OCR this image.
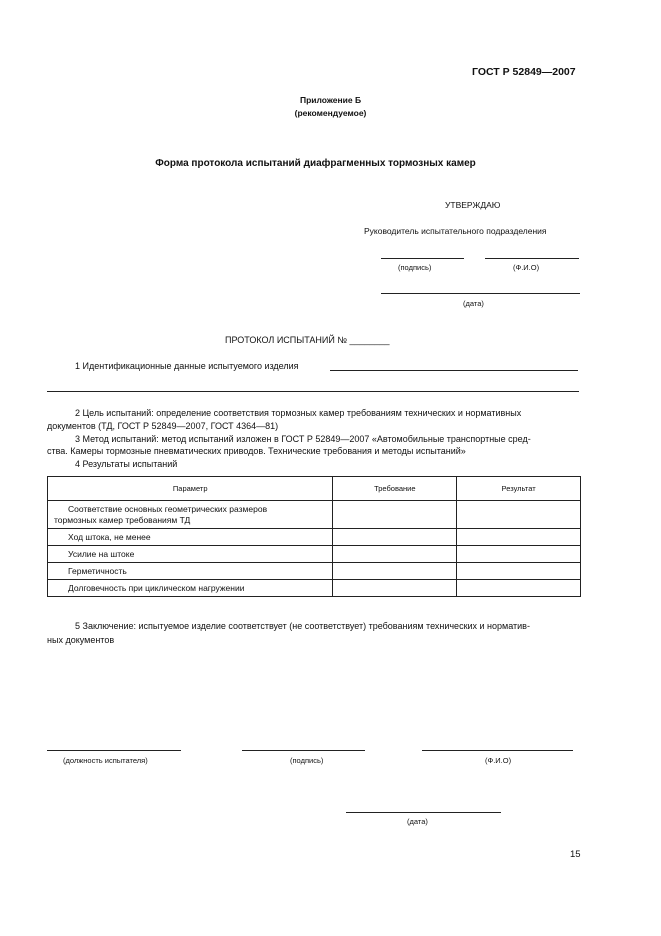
ГОСТ Р 52849—2007
Приложение Б
(рекомендуемое)
Форма протокола испытаний диафрагменных тормозных камер
УТВЕРЖДАЮ
Руководитель испытательного подразделения
(подпись)	(Ф.И.О)
(дата)
ПРОТОКОЛ ИСПЫТАНИЙ № ________
1 Идентификационные данные испытуемого изделия
2 Цель испытаний: определение соответствия тормозных камер требованиям технических и нормативных
документов (ТД, ГОСТ Р 52849—2007, ГОСТ 4364—81)
3 Метод испытаний: метод испытаний изложен в ГОСТ Р 52849—2007 «Автомобильные транспортные сред-
ства. Камеры тормозные пневматических приводов. Технические требования и методы испытаний»
4 Результаты испытаний
Параметр	Требование	Результат

Соответствие основных геометрических размеров
тормозных камер требованиям ТД		

Ход штока, не менее		
Усилие на штоке		
Герметичность		
Долговечность при циклическом нагружении		
5 Заключение: испытуемое изделие соответствует (не соответствует) требованиям технических и норматив-
ных документов
(должность испытателя)	(подпись)	(Ф.И.О)
(дата)
15
